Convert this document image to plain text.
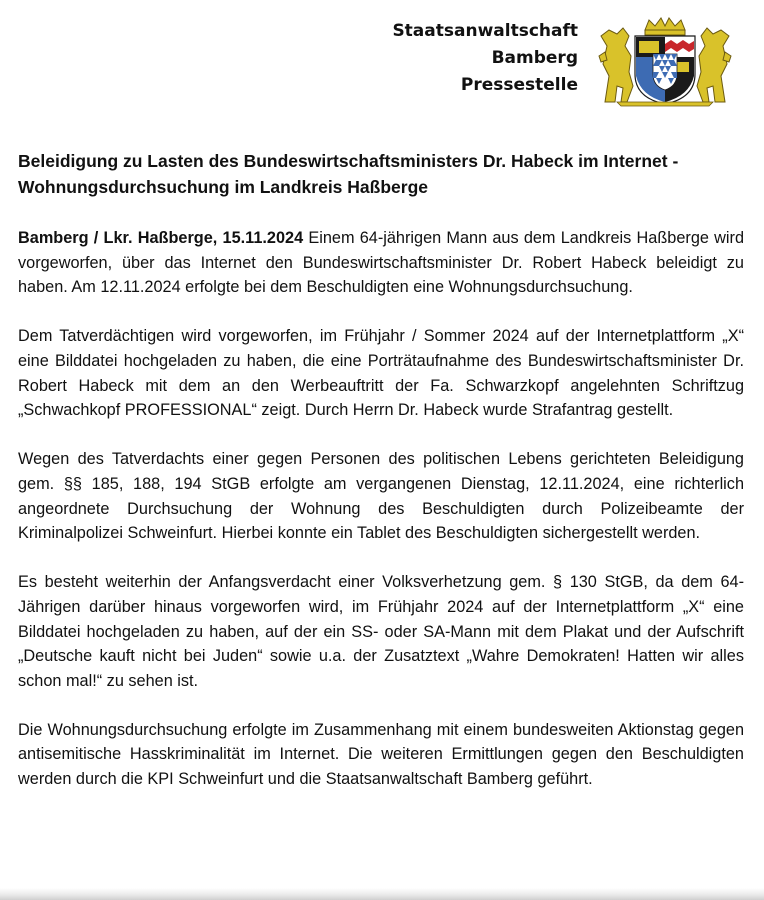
Staatsanwaltschaft
Bamberg
Pressestelle
Beleidigung zu Lasten des Bundeswirtschaftsministers Dr. Habeck im Internet -
Wohnungsdurchsuchung im Landkreis Haßberge

Bamberg / Lkr. Haßberge, 15.11.2024 Einem 64-jährigen Mann aus dem Landkreis Haßberge wird vorgeworfen, über das Internet den Bundeswirtschaftsminister Dr. Robert Habeck beleidigt zu haben. Am 12.11.2024 erfolgte bei dem Beschuldigten eine Wohnungsdurchsuchung.

Dem Tatverdächtigen wird vorgeworfen, im Frühjahr / Sommer 2024 auf der Internetplattform „X“ eine Bilddatei hochgeladen zu haben, die eine Porträtaufnahme des Bundeswirtschaftsminister Dr. Robert Habeck mit dem an den Werbeauftritt der Fa. Schwarzkopf angelehnten Schriftzug „Schwachkopf PROFESSIONAL“ zeigt. Durch Herrn Dr. Habeck wurde Strafantrag gestellt.

Wegen des Tatverdachts einer gegen Personen des politischen Lebens gerichteten Beleidigung gem. §§ 185, 188, 194 StGB erfolgte am vergangenen Dienstag, 12.11.2024, eine richterlich angeordnete Durchsuchung der Wohnung des Beschuldigten durch Polizeibeamte der Kriminalpolizei Schweinfurt. Hierbei konnte ein Tablet des Beschuldigten sichergestellt werden.

Es besteht weiterhin der Anfangsverdacht einer Volksverhetzung gem. § 130 StGB, da dem 64-Jährigen darüber hinaus vorgeworfen wird, im Frühjahr 2024 auf der Internetplattform „X“ eine Bilddatei hochgeladen zu haben, auf der ein SS- oder SA-Mann mit dem Plakat und der Aufschrift „Deutsche kauft nicht bei Juden“ sowie u.a. der Zusatztext „Wahre Demokraten! Hatten wir alles schon mal!“ zu sehen ist.

Die Wohnungsdurchsuchung erfolgte im Zusammenhang mit einem bundesweiten Aktionstag gegen antisemitische Hasskriminalität im Internet. Die weiteren Ermittlungen gegen den Beschuldigten werden durch die KPI Schweinfurt und die Staatsanwaltschaft Bamberg geführt.
